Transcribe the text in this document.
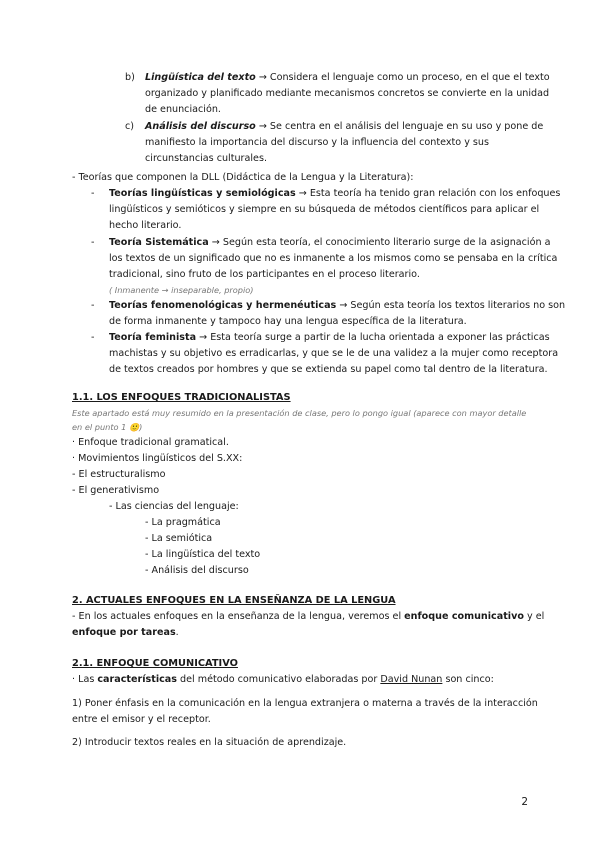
b) Lingüística del texto → Considera el lenguaje como un proceso, en el que el texto

organizado y planificado mediante mecanismos concretos se convierte en la unidad

de enunciación.

c) Análisis del discurso → Se centra en el análisis del lenguaje en su uso y pone de

manifiesto la importancia del discurso y la influencia del contexto y sus

circunstancias culturales.

- Teorías que componen la DLL (Didáctica de la Lengua y la Literatura):

- Teorías lingüísticas y semiológicas → Esta teoría ha tenido gran relación con los enfoques

lingüísticos y semióticos y siempre en su búsqueda de métodos científicos para aplicar el

hecho literario.

- Teoría Sistemática → Según esta teoría, el conocimiento literario surge de la asignación a

los textos de un significado que no es inmanente a los mismos como se pensaba en la crítica

tradicional, sino fruto de los participantes en el proceso literario.

( Inmanente → inseparable, propio)

- Teorías fenomenológicas y hermenéuticas → Según esta teoría los textos literarios no son

de forma inmanente y tampoco hay una lengua específica de la literatura.

- Teoría feminista → Esta teoría surge a partir de la lucha orientada a exponer las prácticas

machistas y su objetivo es erradicarlas, y que se le de una validez a la mujer como receptora

de textos creados por hombres y que se extienda su papel como tal dentro de la literatura.

1.1. LOS ENFOQUES TRADICIONALISTAS

Este apartado está muy resumido en la presentación de clase, pero lo pongo igual (aparece con mayor detalle

en el punto 1 🙂)

· Enfoque tradicional gramatical.

· Movimientos lingüísticos del S.XX:

- El estructuralismo

- El generativismo

- Las ciencias del lenguaje:

- La pragmática

- La semiótica

- La lingüística del texto

- Análisis del discurso

2. ACTUALES ENFOQUES EN LA ENSEÑANZA DE LA LENGUA

- En los actuales enfoques en la enseñanza de la lengua, veremos el enfoque comunicativo y el

enfoque por tareas.

2.1. ENFOQUE COMUNICATIVO

· Las características del método comunicativo elaboradas por David Nunan son cinco:

1) Poner énfasis en la comunicación en la lengua extranjera o materna a través de la interacción

entre el emisor y el receptor.

2) Introducir textos reales en la situación de aprendizaje.

2
